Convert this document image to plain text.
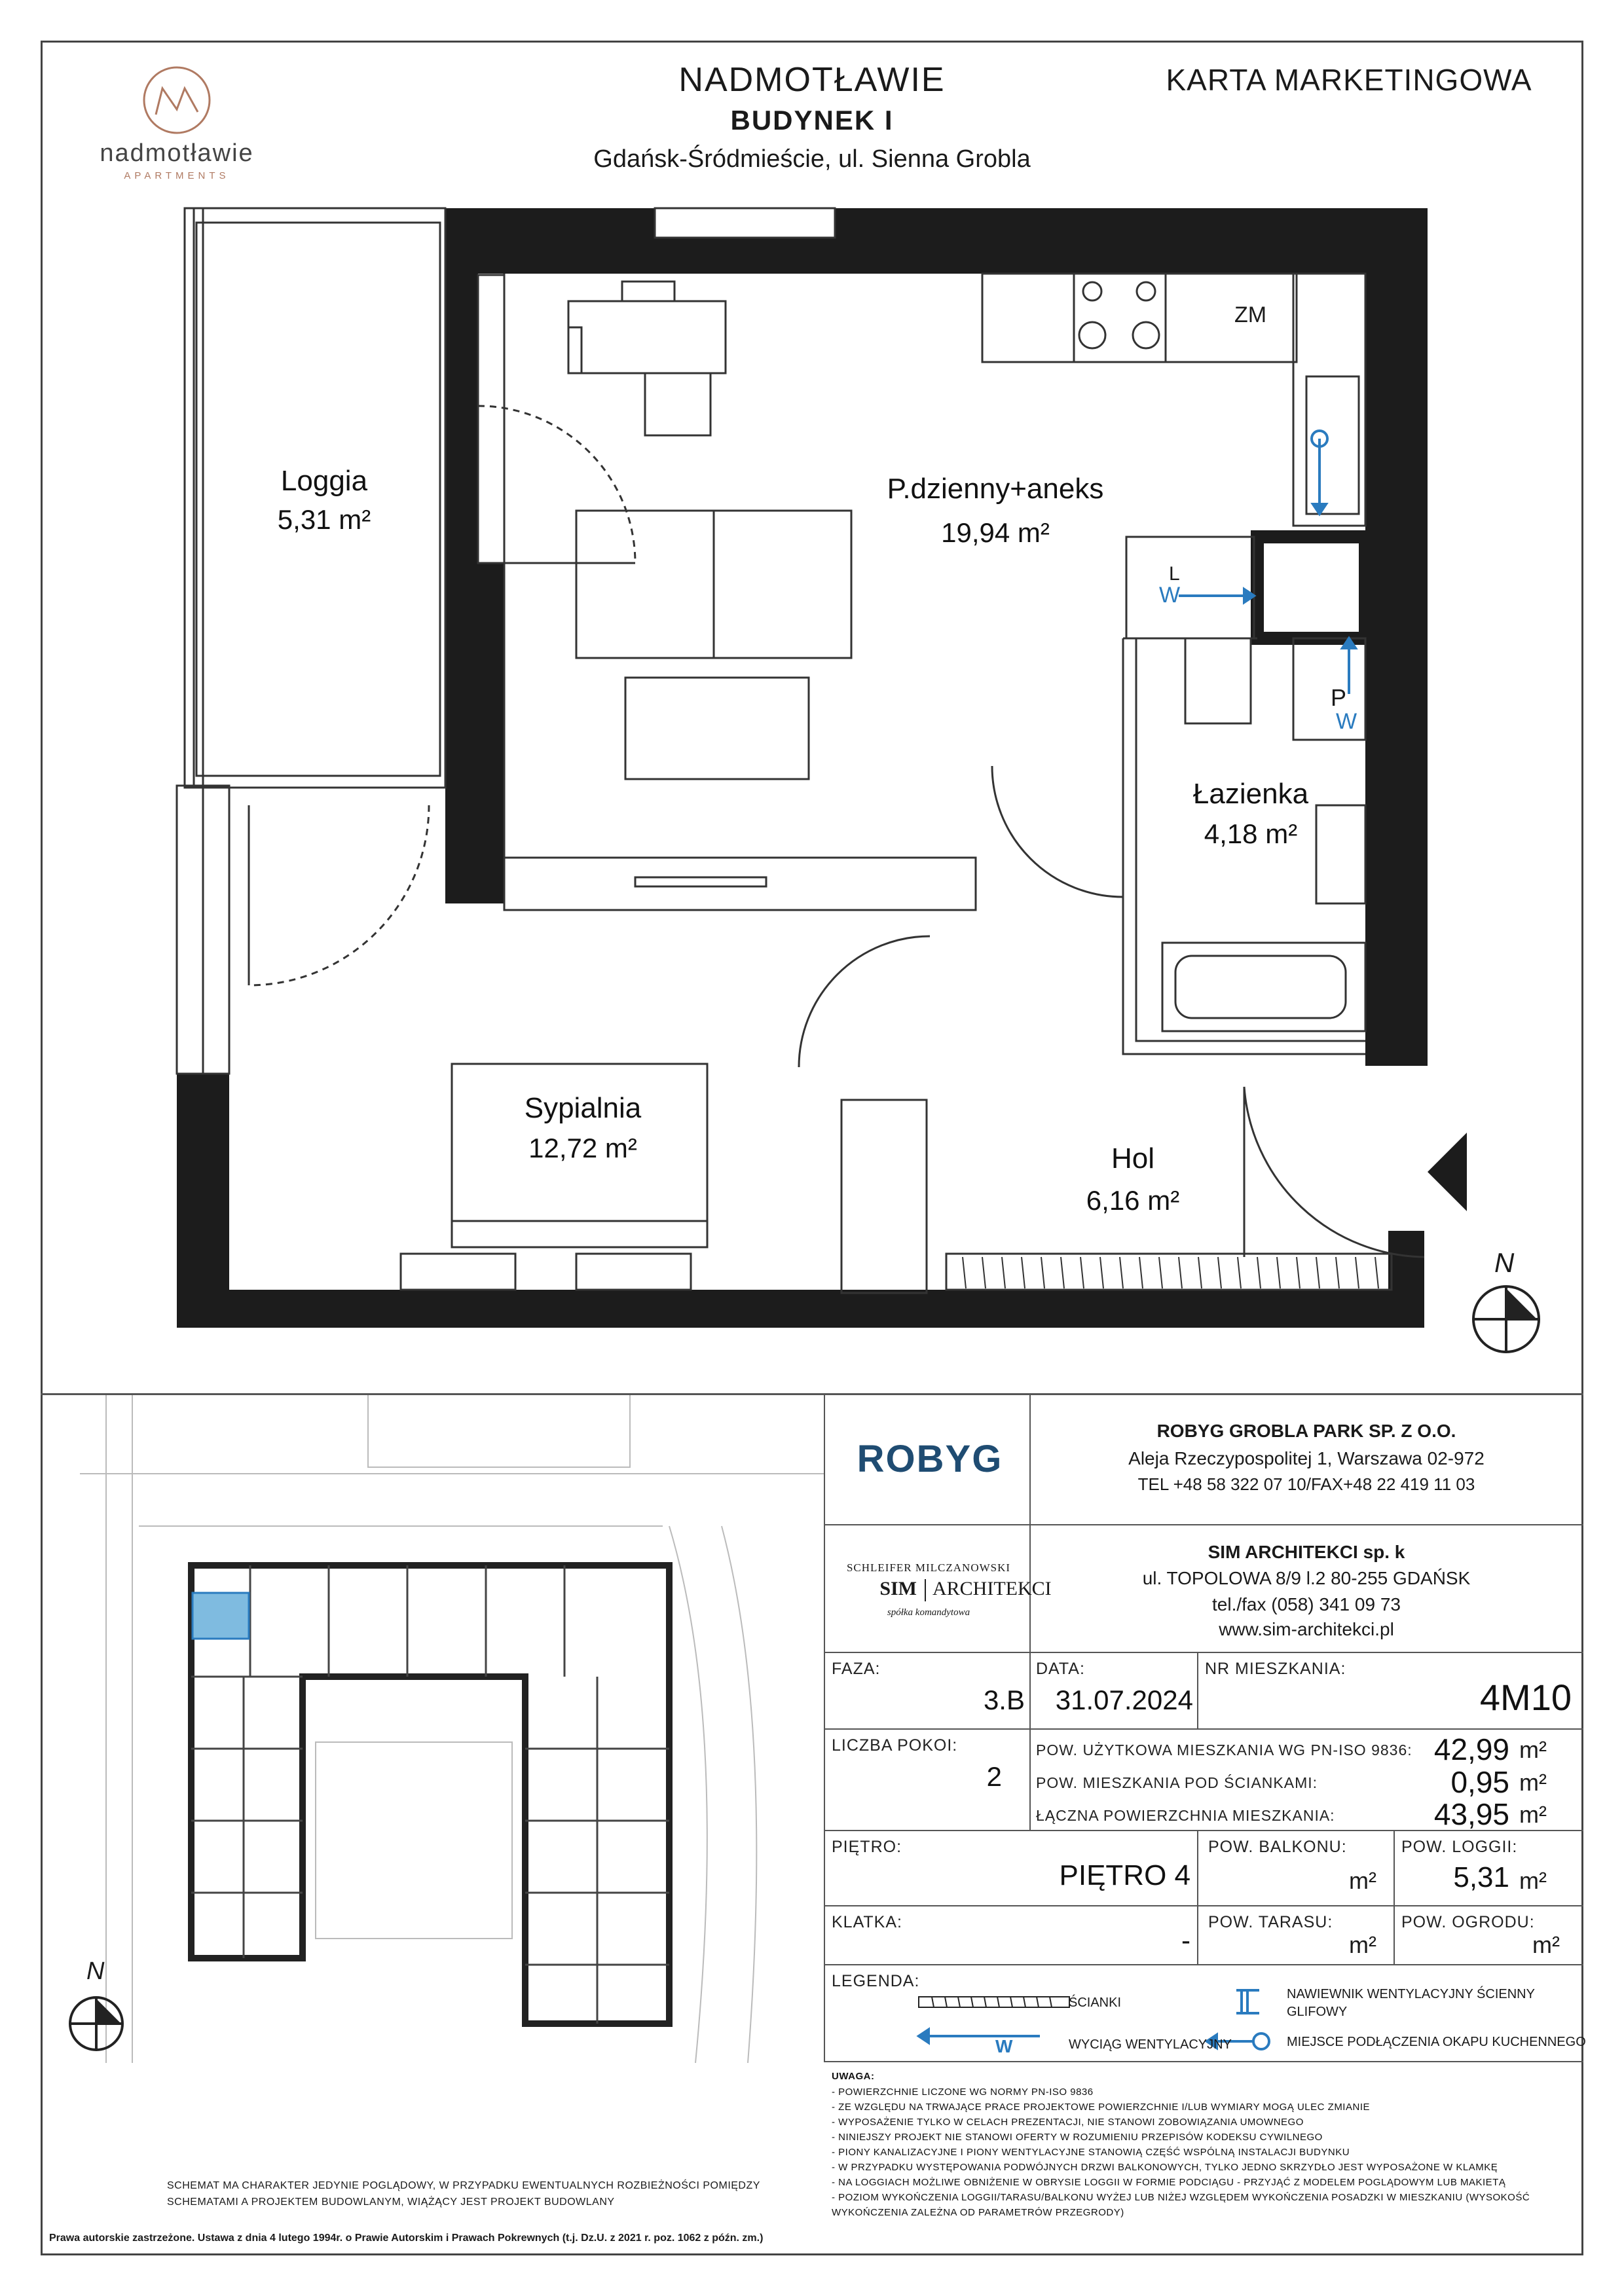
nadmotławie
APARTMENTS
NADMOTŁAWIE
BUDYNEK I
Gdańsk-Śródmieście, ul. Sienna Grobla
KARTA MARKETINGOWA
ZM
L
W
P
W
N
Loggia
5,31 m²
P.dzienny+aneks
19,94 m²
Łazienka
4,18 m²
Sypialnia
12,72 m²	Hol
6,16 m²
N
ROBYG
ROBYG GROBLA PARK SP. Z O.O.
Aleja Rzeczypospolitej 1, Warszawa 02-972
TEL +48 58 322 07 10/FAX+48 22 419 11 03
SCHLEIFER MILCZANOWSKI
SIM ARCHITEKCI
spółka komandytowa
SIM ARCHITEKCI sp. k
ul. TOPOLOWA 8/9 l.2 80-255 GDAŃSK
tel./fax (058) 341 09 73
www.sim-architekci.pl
FAZA:
3.B
DATA:
31.07.2024
NR MIESZKANIA:
4M10
LICZBA POKOI:
2
POW. UŻYTKOWA MIESZKANIA WG PN-ISO 9836: 42,99 m²
POW. MIESZKANIA POD ŚCIANKAMI:	0,95 m²
ŁĄCZNA POWIERZCHNIA MIESZKANIA:	43,95 m²
PIĘTRO:
PIĘTRO 4
POW. BALKONU:
m²
POW. LOGGII:
5,31 m²
KLATKA:
-
POW. TARASU:
m²
POW. OGRODU:
m²
LEGENDA:
ŚCIANKI
W	WYCIĄG WENTYLACYJNY
NAWIEWNIK WENTYLACYJNY ŚCIENNY
GLIFOWY
MIEJSCE PODŁĄCZENIA OKAPU KUCHENNEGO
UWAGA:
- POWIERZCHNIE LICZONE WG NORMY PN-ISO 9836
- ZE WZGLĘDU NA TRWAJĄCE PRACE PROJEKTOWE POWIERZCHNIE I/LUB WYMIARY MOGĄ ULEC ZMIANIE
- WYPOSAŻENIE TYLKO W CELACH PREZENTACJI, NIE STANOWI ZOBOWIĄZANIA UMOWNEGO
- NINIEJSZY PROJEKT NIE STANOWI OFERTY W ROZUMIENIU PRZEPISÓW KODEKSU CYWILNEGO
- PIONY KANALIZACYJNE I PIONY WENTYLACYJNE STANOWIĄ CZĘŚĆ WSPÓLNĄ INSTALACJI BUDYNKU
- W PRZYPADKU WYSTĘPOWANIA PODWÓJNYCH DRZWI BALKONOWYCH, TYLKO JEDNO SKRZYDŁO JEST WYPOSAŻONE W KLAMKĘ
- NA LOGGIACH MOŻLIWE OBNIŻENIE W OBRYSIE LOGGII W FORMIE PODCIĄGU - PRZYJĄĆ Z MODELEM POGLĄDOWYM LUB MAKIETĄ
- POZIOM WYKOŃCZENIA LOGGII/TARASU/BALKONU WYŻEJ LUB NIŻEJ WZGLĘDEM WYKOŃCZENIA POSADZKI W MIESZKANIU (WYSOKOŚĆ
WYKOŃCZENIA ZALEŻNA OD PARAMETRÓW PRZEGRODY)
SCHEMAT MA CHARAKTER JEDYNIE POGLĄDOWY, W PRZYPADKU EWENTUALNYCH ROZBIEŻNOŚCI POMIĘDZY
SCHEMATAMI A PROJEKTEM BUDOWLANYM, WIĄŻĄCY JEST PROJEKT BUDOWLANY
Prawa autorskie zastrzeżone. Ustawa z dnia 4 lutego 1994r. o Prawie Autorskim i Prawach Pokrewnych (t.j. Dz.U. z 2021 r. poz. 1062 z późn. zm.)
